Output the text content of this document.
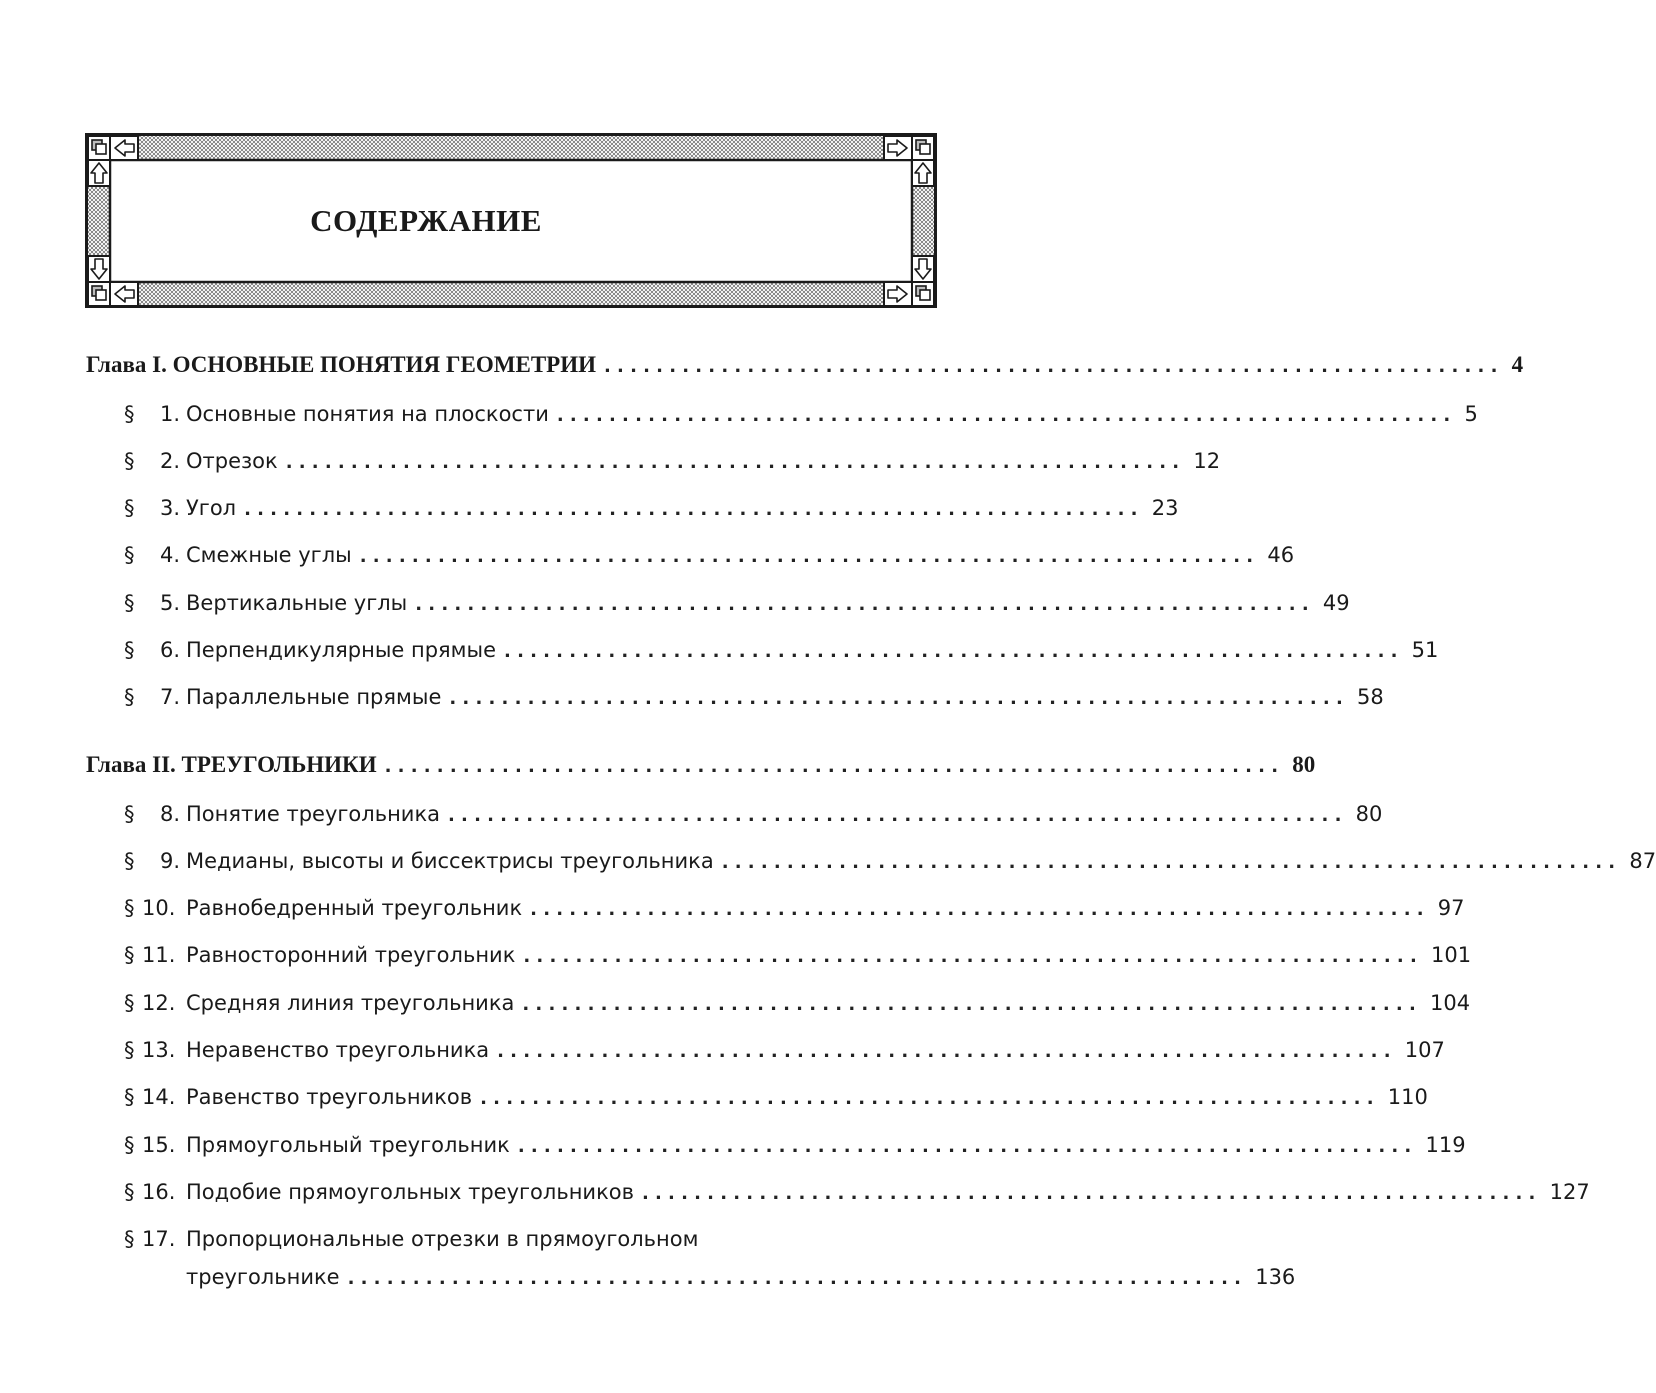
СОДЕРЖАНИЕ
Глава I. ОСНОВНЫЕ ПОНЯТИЯ ГЕОМЕТРИИ ..................................................................... 4
§ 1. Основные понятия на плоскости ..................................................................... 5
§ 2. Отрезок ..................................................................... 12
§ 3. Угол ..................................................................... 23
§ 4. Смежные углы ..................................................................... 46
§ 5. Вертикальные углы ..................................................................... 49
§ 6. Перпендикулярные прямые ..................................................................... 51
§ 7. Параллельные прямые ..................................................................... 58
Глава II. ТРЕУГОЛЬНИКИ ..................................................................... 80
§ 8. Понятие треугольника ..................................................................... 80
§ 9. Медианы, высоты и биссектрисы треугольника ..................................................................... 87
§ 10. Равнобедренный треугольник ..................................................................... 97
§ 11. Равносторонний треугольник ..................................................................... 101
§ 12. Средняя линия треугольника ..................................................................... 104
§ 13. Неравенство треугольника ..................................................................... 107
§ 14. Равенство треугольников ..................................................................... 110
§ 15. Прямоугольный треугольник ..................................................................... 119
§ 16. Подобие прямоугольных треугольников ..................................................................... 127
§ 17. Пропорциональные отрезки в прямоугольном
треугольнике ..................................................................... 136
